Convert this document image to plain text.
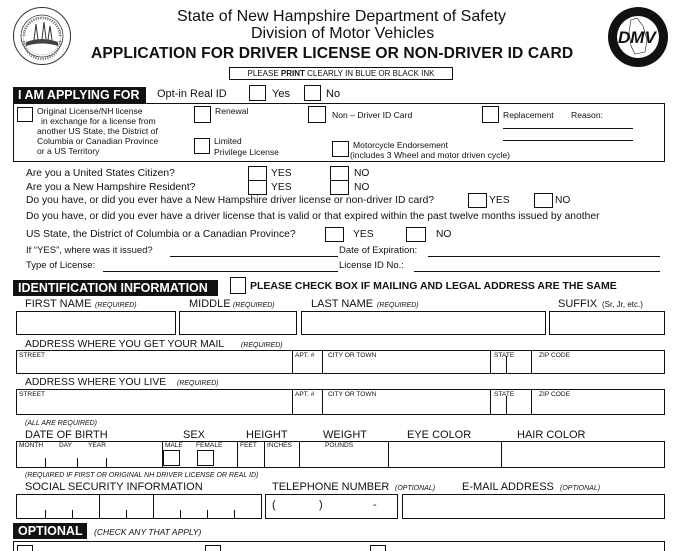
State of New Hampshire Department of Safety
Division of Motor Vehicles
APPLICATION FOR DRIVER LICENSE OR NON-DRIVER ID CARD
PLEASE PRINT CLEARLY IN BLUE OR BLACK INK
DMV
I AM APPLYING FOR	Opt-in Real ID	Yes	No
Original License/NH license
in exchange for a license from
another US State, the District of
Columbia or Canadian Province
or a US Territory
Renewal	Non – Driver ID Card	Replacement Reason:
Limited
Privilege License
Motorcycle Endorsement
(includes 3 Wheel and motor driven cycle)
Are you a United States Citizen?	YES	NO
Are you a New Hampshire Resident?	YES	NO
Do you have, or did you ever have a New Hampshire driver license or non-driver ID card?	YES	NO
Do you have, or did you ever have a driver license that is valid or that expired within the past twelve months issued by another
US State, the District of Columbia or a Canadian Province?	YES	NO
If “YES”, where was it issued?	Date of Expiration:
Type of License:	License ID No.:
IDENTIFICATION INFORMATION	PLEASE CHECK BOX IF MAILING AND LEGAL ADDRESS ARE THE SAME
FIRST NAME (REQUIRED)	MIDDLE (REQUIRED)	LAST NAME (REQUIRED)	SUFFIX (Sr, Jr, etc.)
ADDRESS WHERE YOU GET YOUR MAIL (REQUIRED)
STREET	APT. # CITY OR TOWN	STATE	ZIP CODE
ADDRESS WHERE YOU LIVE (REQUIRED)
STREET	APT. # CITY OR TOWN	STATE	ZIP CODE
(ALL ARE REQUIRED)
DATE OF BIRTH	SEX	HEIGHT	WEIGHT	EYE COLOR	HAIR COLOR
MONTH DAY YEAR	MALE FEMALE	FEET INCHES	POUNDS
(REQUIRED IF FIRST OR ORIGINAL NH DRIVER LICENSE OR REAL ID)
SOCIAL SECURITY INFORMATION	TELEPHONE NUMBER (OPTIONAL) E-MAIL ADDRESS (OPTIONAL)
(	)	-
OPTIONAL	(CHECK ANY THAT APPLY)
